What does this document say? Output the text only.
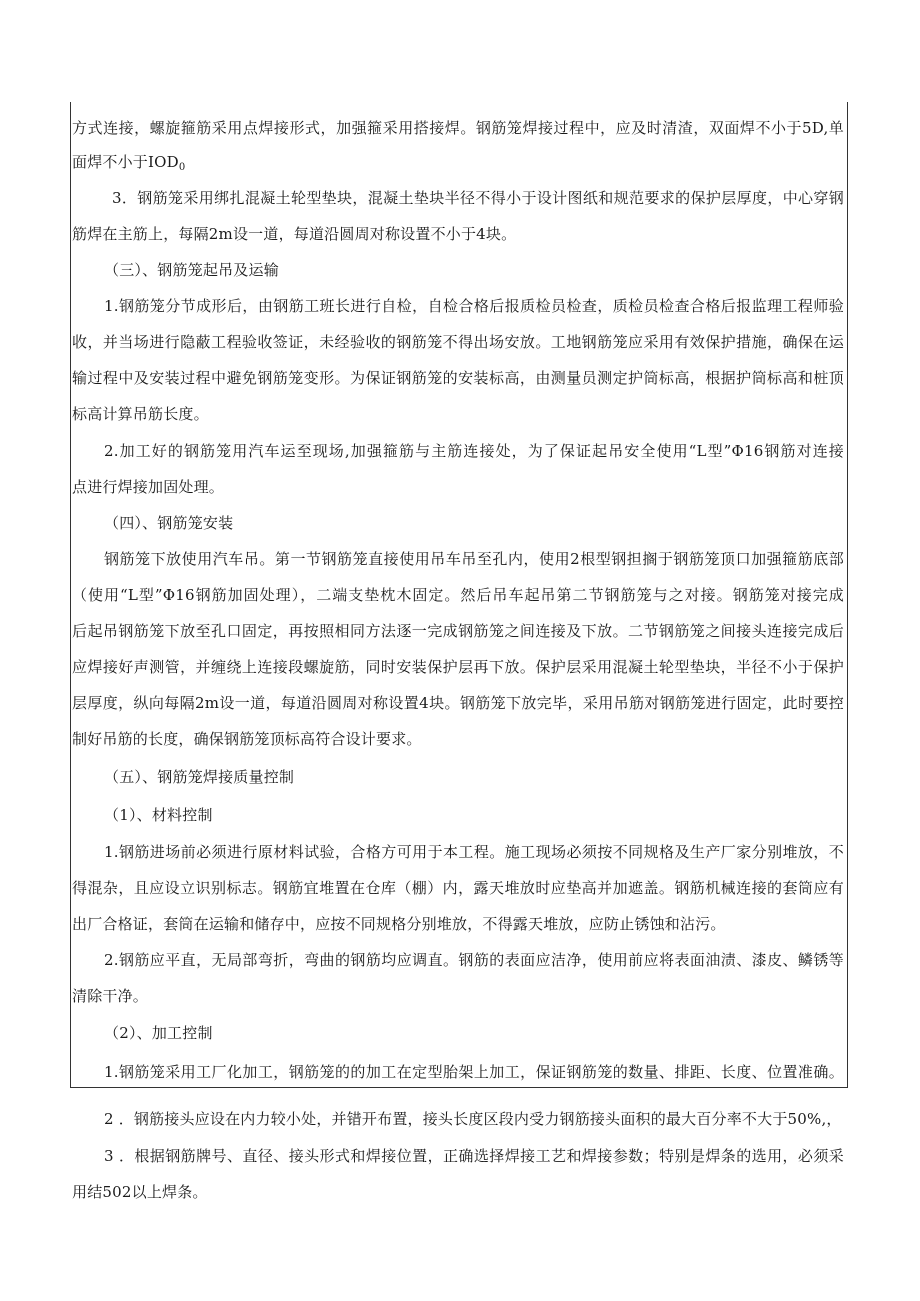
方式连接，螺旋箍筋采用点焊接形式，加强箍采用搭接焊。钢筋笼焊接过程中，应及时清渣，双面焊不小于5D,单
面焊不小于$IOD_0$
3．钢筋笼采用绑扎混凝土轮型垫块，混凝土垫块半径不得小于设计图纸和规范要求的保护层厚度，中心穿钢
筋焊在主筋上，每隔2m设一道，每道沿圆周对称设置不小于4块。
（三）、钢筋笼起吊及运输
1.钢筋笼分节成形后，由钢筋工班长进行自检，自检合格后报质检员检查，质检员检查合格后报监理工程师验
收，并当场进行隐蔽工程验收签证，未经验收的钢筋笼不得出场安放。工地钢筋笼应采用有效保护措施，确保在运
输过程中及安装过程中避免钢筋笼变形。为保证钢筋笼的安装标高，由测量员测定护筒标高，根据护筒标高和桩顶
标高计算吊筋长度。
2.加工好的钢筋笼用汽车运至现场,加强箍筋与主筋连接处，为了保证起吊安全使用“L型”Φ16钢筋对连接
点进行焊接加固处理。
（四）、钢筋笼安装
钢筋笼下放使用汽车吊。第一节钢筋笼直接使用吊车吊至孔内，使用2根型钢担搁于钢筋笼顶口加强箍筋底部
（使用“L型”Φ16钢筋加固处理），二端支垫枕木固定。然后吊车起吊第二节钢筋笼与之对接。钢筋笼对接完成
后起吊钢筋笼下放至孔口固定，再按照相同方法逐一完成钢筋笼之间连接及下放。二节钢筋笼之间接头连接完成后
应焊接好声测管，并缠绕上连接段螺旋筋，同时安装保护层再下放。保护层采用混凝土轮型垫块，半径不小于保护
层厚度，纵向每隔2m设一道，每道沿圆周对称设置4块。钢筋笼下放完毕，采用吊筋对钢筋笼进行固定，此时要控
制好吊筋的长度，确保钢筋笼顶标高符合设计要求。
（五）、钢筋笼焊接质量控制
（1）、材料控制
1.钢筋进场前必须进行原材料试验，合格方可用于本工程。施工现场必须按不同规格及生产厂家分别堆放，不
得混杂，且应设立识别标志。钢筋宜堆置在仓库（棚）内，露天堆放时应垫高并加遮盖。钢筋机械连接的套筒应有
出厂合格证，套筒在运输和储存中，应按不同规格分别堆放，不得露天堆放，应防止锈蚀和沾污。
2.钢筋应平直，无局部弯折，弯曲的钢筋均应调直。钢筋的表面应洁净，使用前应将表面油渍、漆皮、鳞锈等
清除干净。
（2）、加工控制
1.钢筋笼采用工厂化加工，钢筋笼的的加工在定型胎架上加工，保证钢筋笼的数量、排距、长度、位置准确。
2 ．钢筋接头应设在内力较小处，并错开布置，接头长度区段内受力钢筋接头面积的最大百分率不大于50%,，
3 ．根据钢筋牌号、直径、接头形式和焊接位置，正确选择焊接工艺和焊接参数；特别是焊条的选用，必须采
用结502以上焊条。
